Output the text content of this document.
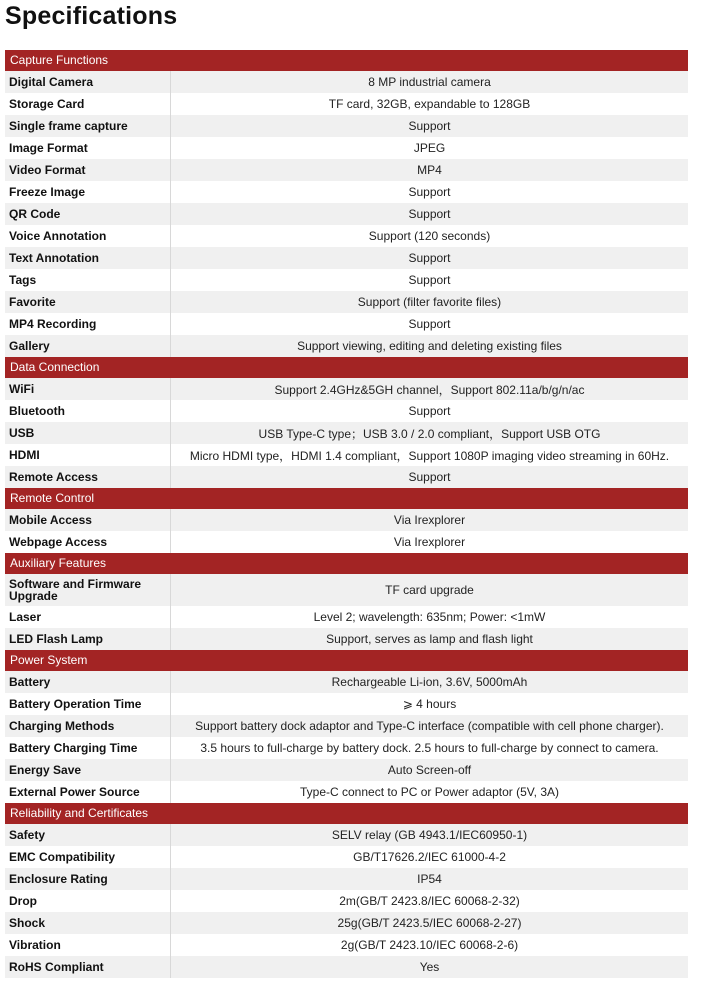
Specifications
Capture Functions
Digital Camera	8 MP industrial camera
Storage Card	TF card, 32GB, expandable to 128GB
Single frame capture	Support
Image Format	JPEG
Video Format	MP4
Freeze Image	Support
QR Code	Support
Voice Annotation	Support (120 seconds)
Text Annotation	Support
Tags	Support
Favorite	Support (filter favorite files)
MP4 Recording	Support
Gallery	Support viewing, editing and deleting existing files
Data Connection
WiFi	Support 2.4GHz&5GH channel，Support 802.11a/b/g/n/ac
Bluetooth	Support
USB	USB Type-C type；USB 3.0 / 2.0 compliant，Support USB OTG
HDMI	Micro HDMI type，HDMI 1.4 compliant，Support 1080P imaging video streaming in 60Hz.
Remote Access	Support
Remote Control
Mobile Access	Via Irexplorer
Webpage Access	Via Irexplorer
Auxiliary Features
Software and Firmware Upgrade	TF card upgrade
Laser	Level 2; wavelength: 635nm; Power: <1mW
LED Flash Lamp	Support, serves as lamp and flash light
Power System
Battery	Rechargeable Li-ion, 3.6V, 5000mAh
Battery Operation Time	⩾ 4 hours
Charging Methods	Support battery dock adaptor and Type-C interface (compatible with cell phone charger).
Battery Charging Time	3.5 hours to full-charge by battery dock. 2.5 hours to full-charge by connect to camera.
Energy Save	Auto Screen-off
External Power Source	Type-C connect to PC or Power adaptor (5V, 3A)
Reliability and Certificates
Safety	SELV relay (GB 4943.1/IEC60950-1)
EMC Compatibility	GB/T17626.2/IEC 61000-4-2
Enclosure Rating	IP54
Drop	2m(GB/T 2423.8/IEC 60068-2-32)
Shock	25g(GB/T 2423.5/IEC 60068-2-27)
Vibration	2g(GB/T 2423.10/IEC 60068-2-6)
RoHS Compliant	Yes
